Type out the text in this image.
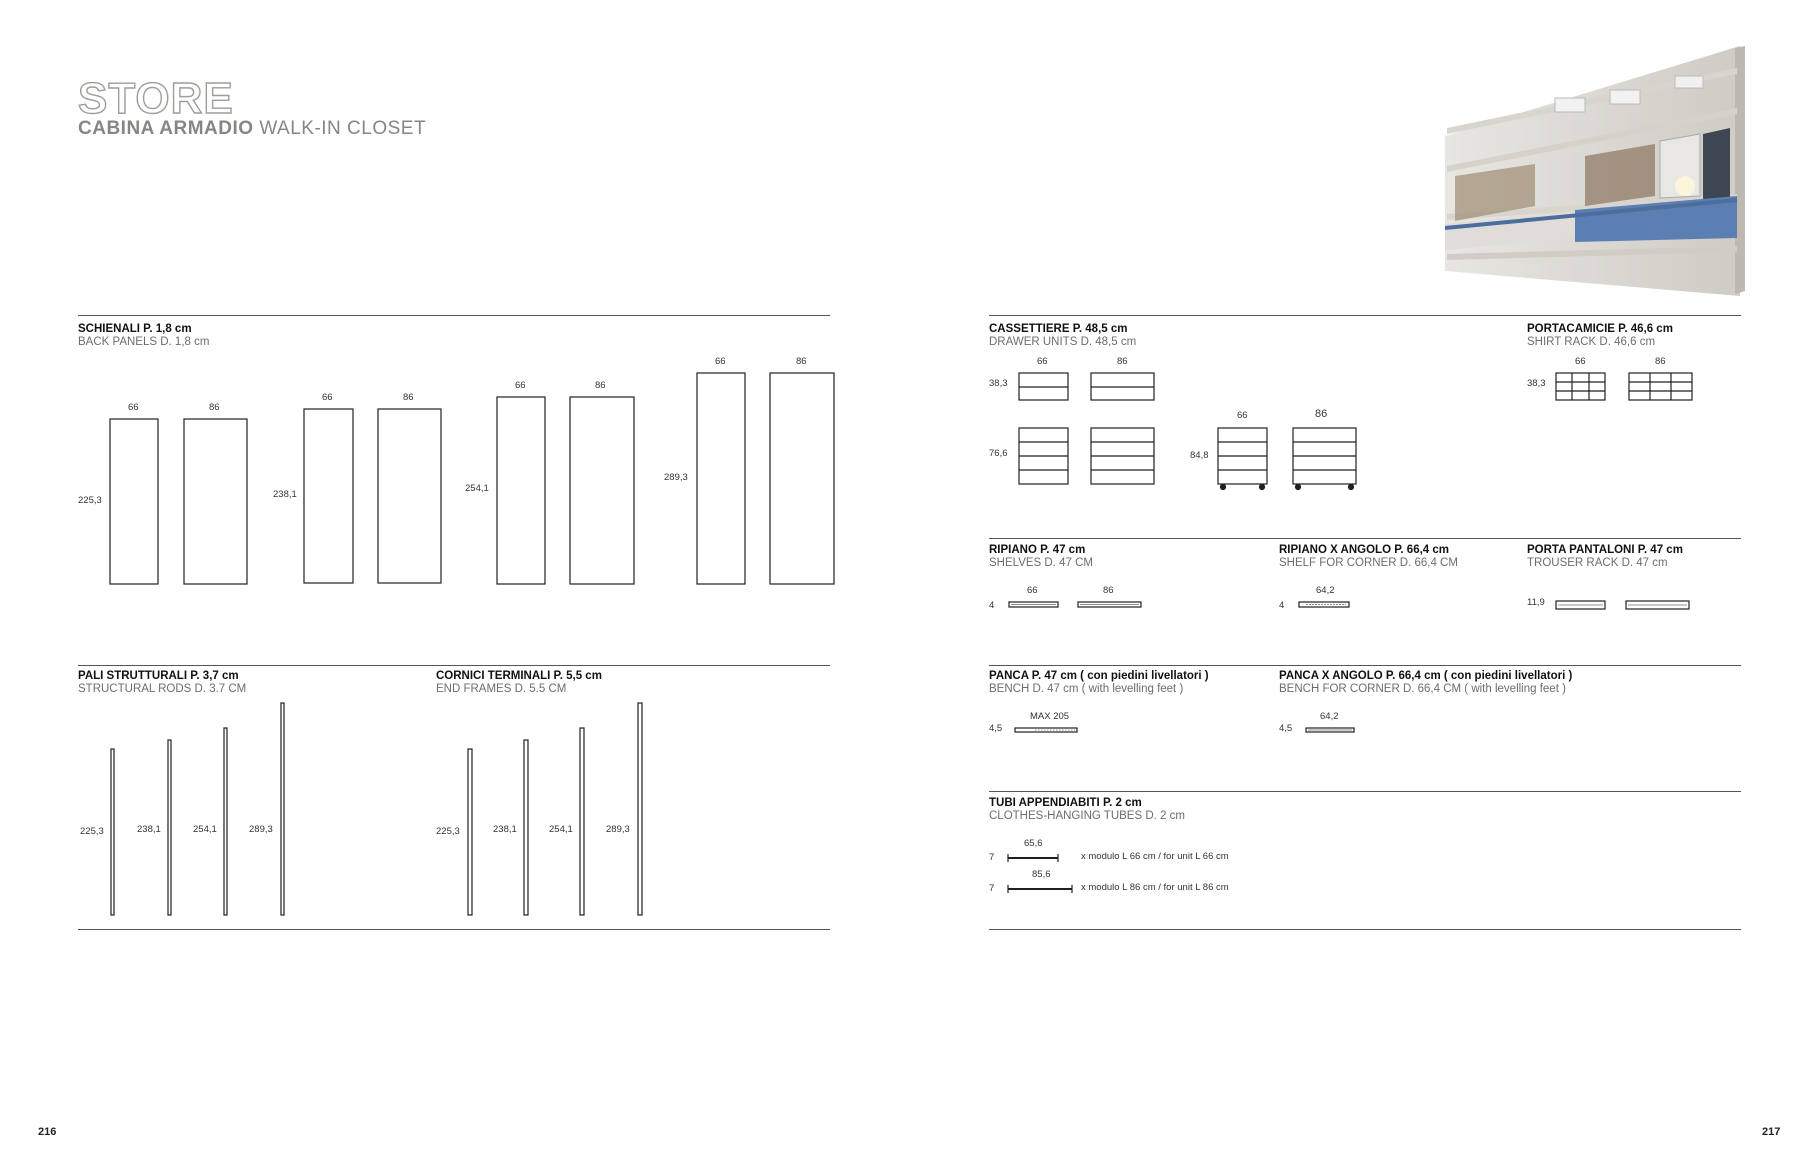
STORE
CABINA ARMADIO WALK-IN CLOSET
SCHIENALI P. 1,8 cm
BACK PANELS D. 1,8 cm
PALI STRUTTURALI P. 3,7 cm
STRUCTURAL RODS D. 3.7 CM
CORNICI TERMINALI P. 5,5 cm
END FRAMES D. 5.5 CM
CASSETTIERE P. 48,5 cm
DRAWER UNITS D. 48,5 cm
PORTACAMICIE P. 46,6 cm
SHIRT RACK D. 46,6 cm
RIPIANO P. 47 cm
SHELVES D. 47 CM
RIPIANO X ANGOLO P. 66,4 cm
SHELF FOR CORNER D. 66,4 CM
PORTA PANTALONI P. 47 cm
TROUSER RACK D. 47 cm
PANCA P. 47 cm ( con piedini livellatori )
BENCH D. 47 cm ( with levelling feet )
PANCA X ANGOLO P. 66,4 cm ( con piedini livellatori )
BENCH FOR CORNER D. 66,4 CM ( with levelling feet )
TUBI APPENDIABITI P. 2 cm
CLOTHES-HANGING TUBES D. 2 cm
66	86
225,3
66	86
238,1
66	86
254,1
66	86
289,3
225,3	238,1	254,1	289,3	225,3	238,1	254,1	289,3
66	86
38,3
76,6
66	86
84,8
66	86
38,3
4
66	86
4
64,2
11,9
4,5
MAX 205
4,5
64,2
65,6
7	x modulo L 66 cm / for unit L 66 cm
85,6
7	x modulo L 86 cm / for unit L 86 cm
216	217
